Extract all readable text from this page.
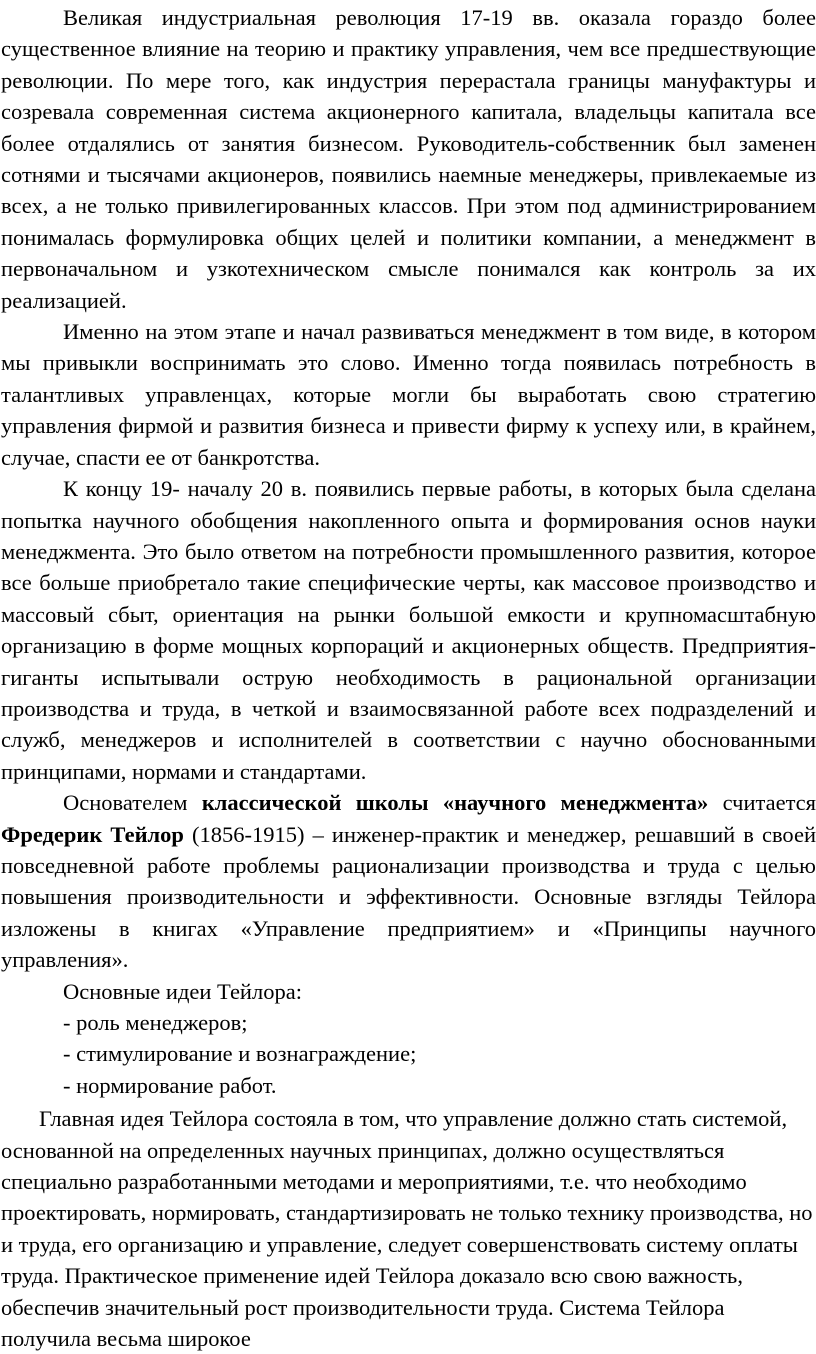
Великая индустриальная революция 17-19 вв. оказала гораздо более существенное влияние на теорию и практику управления, чем все предшествующие революции. По мере того, как индустрия перерастала границы мануфактуры и созревала современная система акционерного капитала, владельцы капитала все более отдалялись от занятия бизнесом. Руководитель-собственник был заменен сотнями и тысячами акционеров, появились наемные менеджеры, привлекаемые из всех, а не только привилегированных классов. При этом под администрированием понималась формулировка общих целей и политики компании, а менеджмент в первоначальном и узкотехническом смысле понимался как контроль за их реализацией.

Именно на этом этапе и начал развиваться менеджмент в том виде, в котором мы привыкли воспринимать это слово. Именно тогда появилась потребность в талантливых управленцах, которые могли бы выработать свою стратегию управления фирмой и развития бизнеса и привести фирму к успеху или, в крайнем, случае, спасти ее от банкротства.

К концу 19- началу 20 в. появились первые работы, в которых была сделана попытка научного обобщения накопленного опыта и формирования основ науки менеджмента. Это было ответом на потребности промышленного развития, которое все больше приобретало такие специфические черты, как массовое производство и массовый сбыт, ориентация на рынки большой емкости и крупномасштабную организацию в форме мощных корпораций и акционерных обществ. Предприятия-гиганты испытывали острую необходимость в рациональной организации производства и труда, в четкой и взаимосвязанной работе всех подразделений и служб, менеджеров и исполнителей в соответствии с научно обоснованными принципами, нормами и стандартами.

Основателем классической школы «научного менеджмента» считается Фредерик Тейлор (1856-1915) – инженер-практик и менеджер, решавший в своей повседневной работе проблемы рационализации производства и труда с целью повышения производительности и эффективности. Основные взгляды Тейлора изложены в книгах «Управление предприятием» и «Принципы научного управления».

Основные идеи Тейлора:

- роль менеджеров;

- стимулирование и вознаграждение;

- нормирование работ.

Главная идея Тейлора состояла в том, что управление должно стать системой, основанной на определенных научных принципах, должно осуществляться специально разработанными методами и мероприятиями, т.е. что необходимо проектировать, нормировать, стандартизировать не только технику производства, но и труда, его организацию и управление, следует совершенствовать систему оплаты труда. Практическое применение идей Тейлора доказало всю свою важность, обеспечив значительный рост производительности труда. Система Тейлора получила весьма широкое
